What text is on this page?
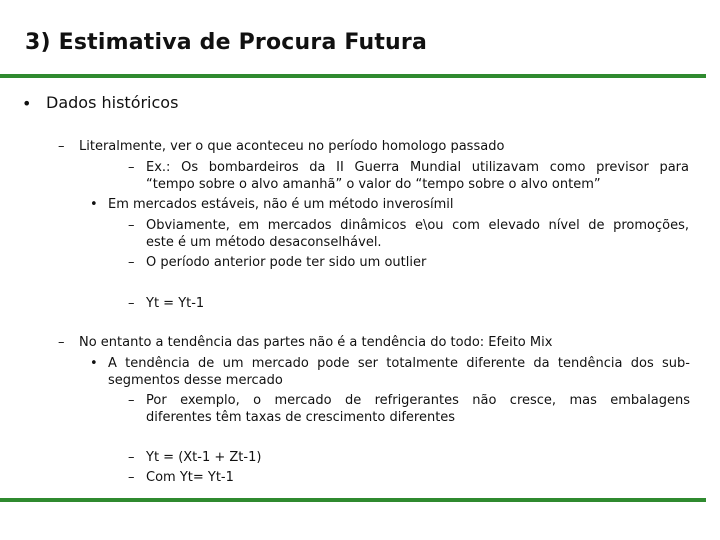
3) Estimativa de Procura Futura
• Dados históricos
– Literalmente, ver o que aconteceu no período homologo passado
– Ex.: Os bombardeiros da II Guerra Mundial utilizavam como previsor para
“tempo sobre o alvo amanhã” o valor do “tempo sobre o alvo ontem”
• Em mercados estáveis, não é um método inverosímil
– Obviamente, em mercados dinâmicos e\ou com elevado nível de promoções,
este é um método desaconselhável.
– O período anterior pode ter sido um outlier
– Yt = Yt-1
– No entanto a tendência das partes não é a tendência do todo: Efeito Mix
• A tendência de um mercado pode ser totalmente diferente da tendência dos sub-
segmentos desse mercado
– Por exemplo, o mercado de refrigerantes não cresce, mas embalagens
diferentes têm taxas de crescimento diferentes
– Yt = (Xt-1 + Zt-1)
– Com Yt= Yt-1
